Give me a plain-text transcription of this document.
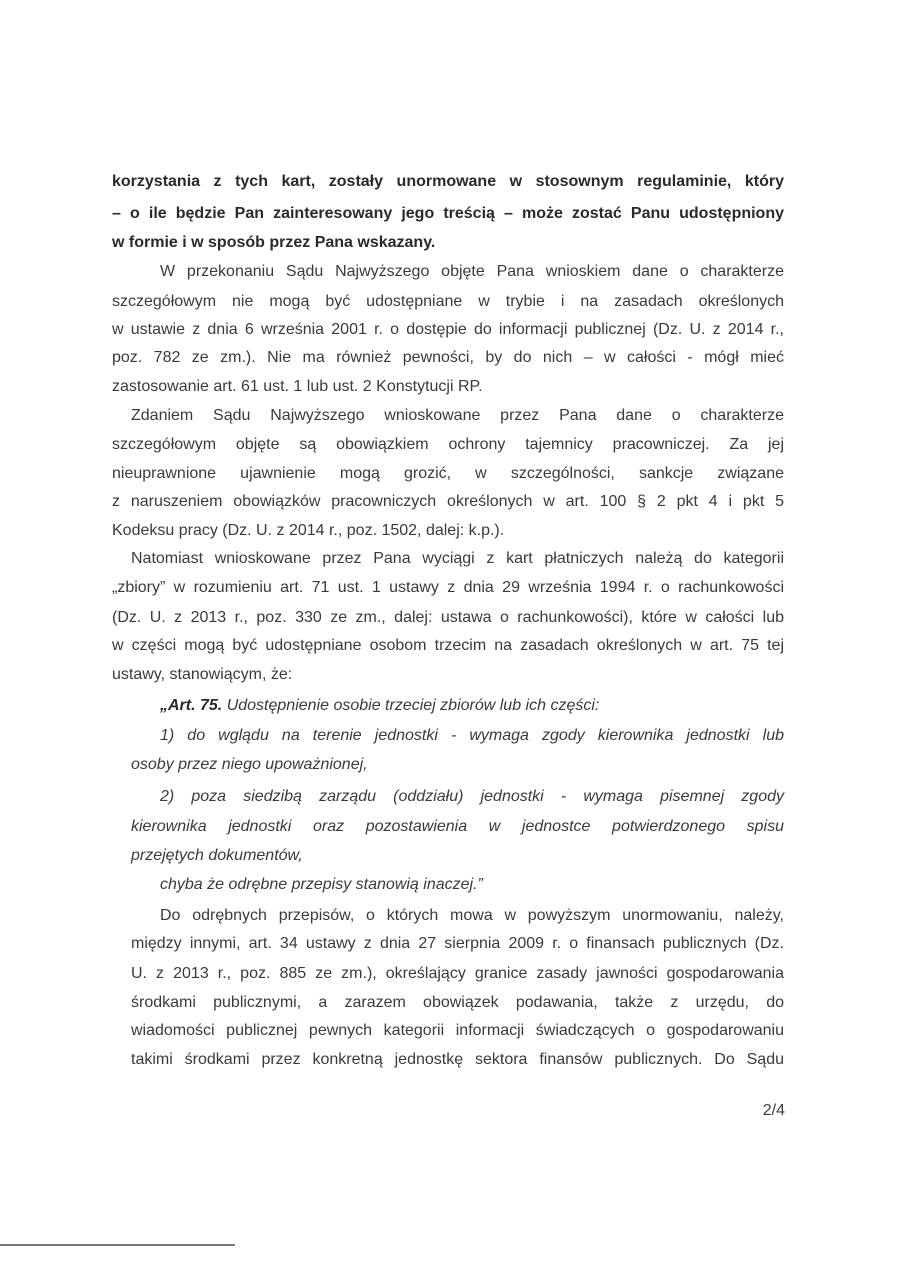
korzystania z tych kart, zostały unormowane w stosownym regulaminie, który
– o ile będzie Pan zainteresowany jego treścią – może zostać Panu udostępniony
w formie i w sposób przez Pana wskazany.
W przekonaniu Sądu Najwyższego objęte Pana wnioskiem dane o charakterze
szczegółowym nie mogą być udostępniane w trybie i na zasadach określonych
w ustawie z dnia 6 września 2001 r. o dostępie do informacji publicznej (Dz. U. z 2014 r.,
poz. 782 ze zm.). Nie ma również pewności, by do nich – w całości - mógł mieć
zastosowanie art. 61 ust. 1 lub ust. 2 Konstytucji RP.
Zdaniem Sądu Najwyższego wnioskowane przez Pana dane o charakterze
szczegółowym objęte są obowiązkiem ochrony tajemnicy pracowniczej. Za jej
nieuprawnione ujawnienie mogą grozić, w szczególności, sankcje związane
z naruszeniem obowiązków pracowniczych określonych w art. 100 § 2 pkt 4 i pkt 5
Kodeksu pracy (Dz. U. z 2014 r., poz. 1502, dalej: k.p.).
Natomiast wnioskowane przez Pana wyciągi z kart płatniczych należą do kategorii
„zbiory” w rozumieniu art. 71 ust. 1 ustawy z dnia 29 września 1994 r. o rachunkowości
(Dz. U. z 2013 r., poz. 330 ze zm., dalej: ustawa o rachunkowości), które w całości lub
w części mogą być udostępniane osobom trzecim na zasadach określonych w art. 75 tej
ustawy, stanowiącym, że:
„Art. 75. Udostępnienie osobie trzeciej zbiorów lub ich części:
1) do wglądu na terenie jednostki - wymaga zgody kierownika jednostki lub
osoby przez niego upoważnionej,
2) poza siedzibą zarządu (oddziału) jednostki - wymaga pisemnej zgody
kierownika jednostki oraz pozostawienia w jednostce potwierdzonego spisu
przejętych dokumentów,
chyba że odrębne przepisy stanowią inaczej.”
Do odrębnych przepisów, o których mowa w powyższym unormowaniu, należy,
między innymi, art. 34 ustawy z dnia 27 sierpnia 2009 r. o finansach publicznych (Dz.
U. z 2013 r., poz. 885 ze zm.), określający granice zasady jawności gospodarowania
środkami publicznymi, a zarazem obowiązek podawania, także z urzędu, do
wiadomości publicznej pewnych kategorii informacji świadczących o gospodarowaniu
takimi środkami przez konkretną jednostkę sektora finansów publicznych. Do Sądu
2/4
